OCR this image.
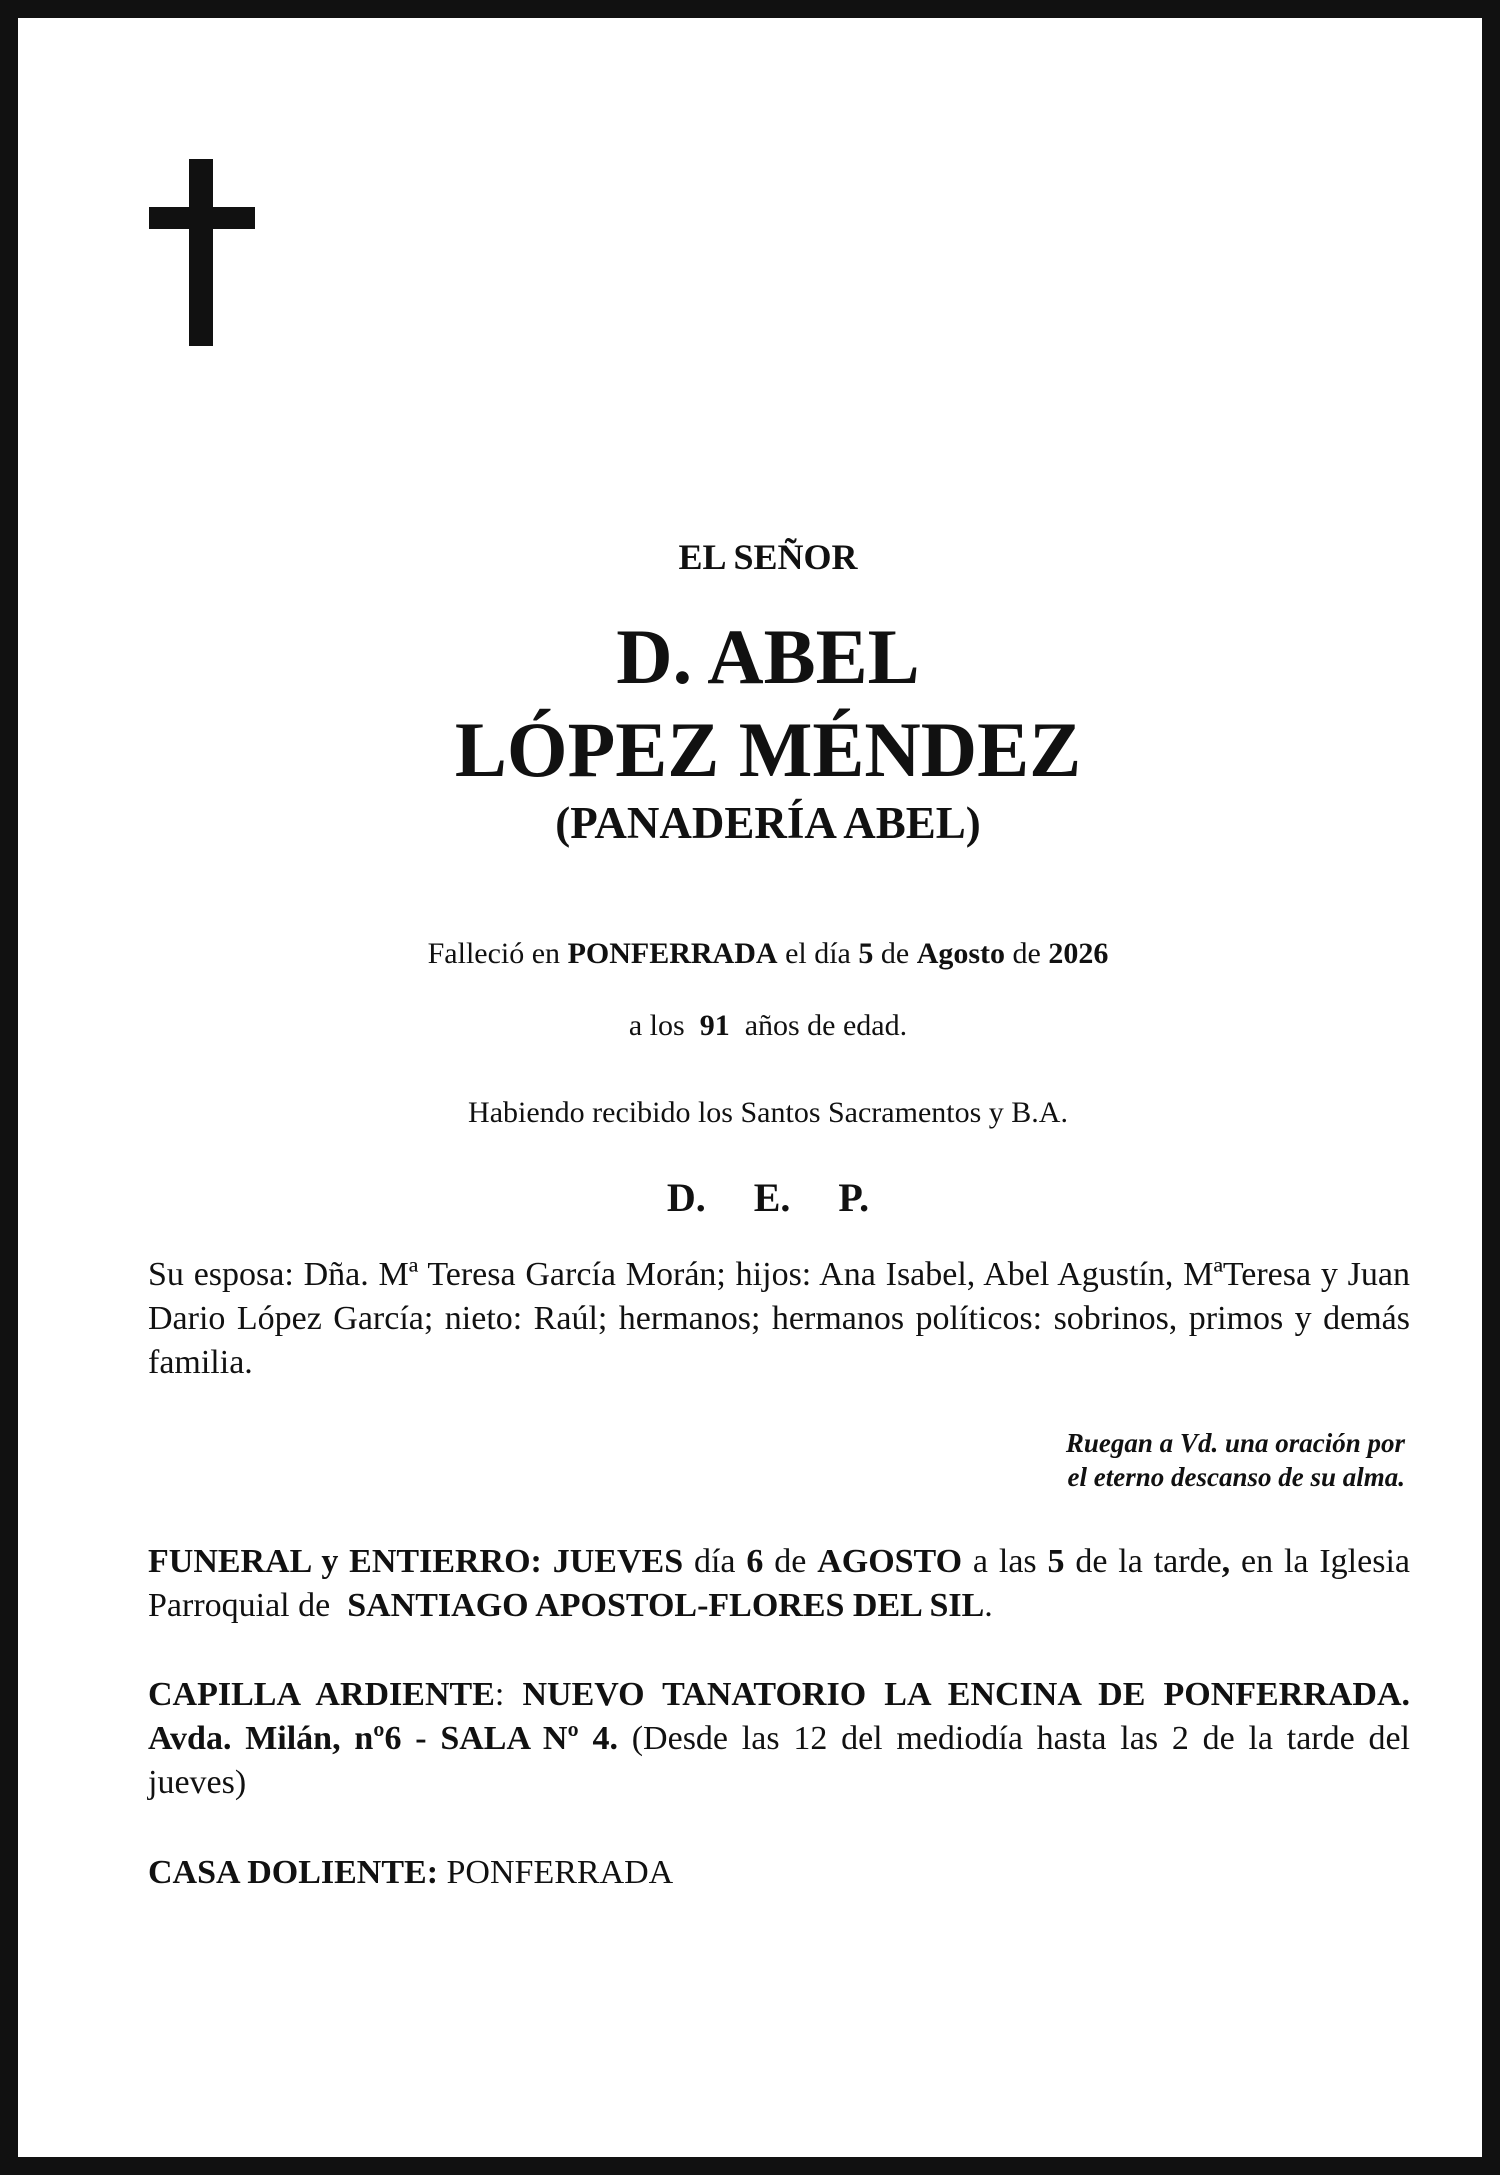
EL SEÑOR

D. ABEL

LÓPEZ MÉNDEZ

(PANADERÍA ABEL)

Falleció en PONFERRADA el día 5 de Agosto de 2026

a los  91  años de edad.

Habiendo recibido los Santos Sacramentos y B.A.

D. E. P.

Su esposa: Dña. Mª Teresa García Morán; hijos: Ana Isabel, Abel Agustín, MªTeresa y Juan Dario López García; nieto: Raúl; hermanos; hermanos políticos: sobrinos, primos y demás familia.

Ruegan a Vd. una oración por
el eterno descanso de su alma.

FUNERAL y ENTIERRO: JUEVES día 6 de AGOSTO a las 5 de la tarde, en la Iglesia Parroquial de  SANTIAGO APOSTOL-FLORES DEL SIL.

CAPILLA ARDIENTE: NUEVO TANATORIO LA ENCINA DE PONFERRADA. Avda. Milán, nº6 - SALA Nº 4. (Desde las 12 del mediodía hasta las 2 de la tarde del jueves)

CASA DOLIENTE: PONFERRADA
